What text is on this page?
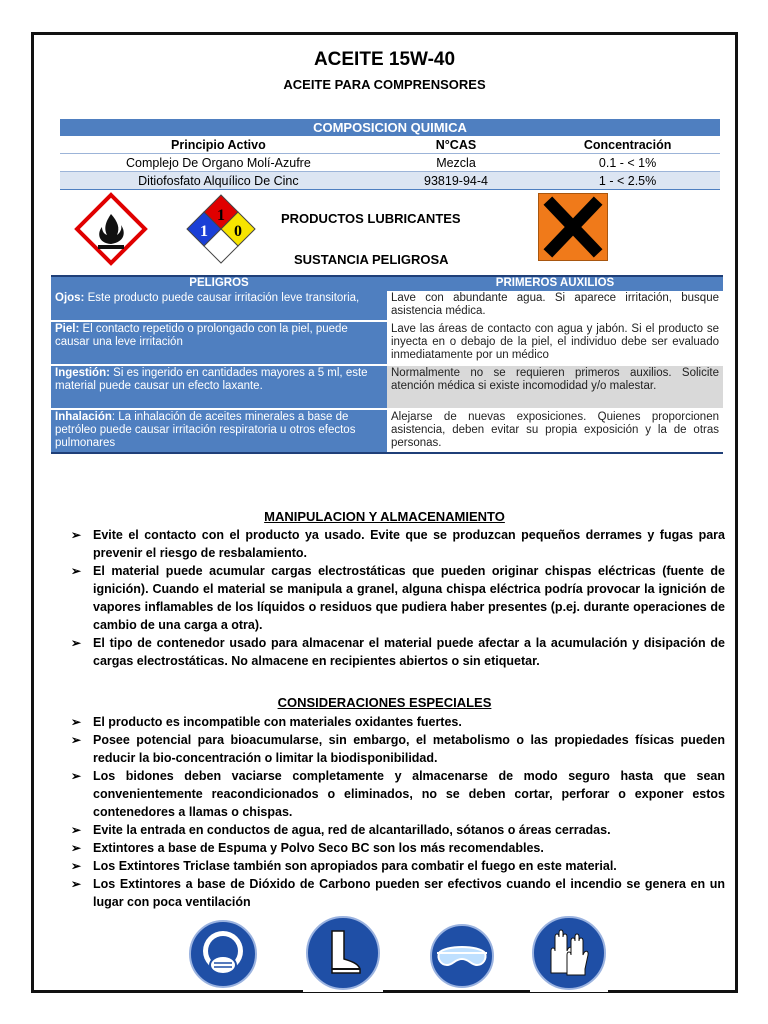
ACEITE 15W-40
ACEITE PARA COMPRENSORES
COMPOSICION QUIMICA		
Principio Activo	N°CAS	Concentración
Complejo De Organo Molí-Azufre	Mezcla	0.1 - < 1%
Ditiofosfato Alquílico De Cinc	93819-94-4	1 - < 2.5%
1
1 0
PRODUCTOS LUBRICANTES
SUSTANCIA PELIGROSA
PELIGROS	PRIMEROS AUXILIOS
Ojos: Este producto puede causar irritación leve transitoria,	Lave con abundante agua. Si aparece irritación, busque asistencia médica.
Piel: El contacto repetido o prolongado con la piel, puede causar una leve irritación	Lave las áreas de contacto con agua y jabón. Si el producto se inyecta en o debajo de la piel, el individuo debe ser evaluado inmediatamente por un médico
Ingestión: Si es ingerido en cantidades mayores a 5 ml, este material puede causar un efecto laxante.	Normalmente no se requieren primeros auxilios. Solicite atención médica si existe incomodidad y/o malestar.
Inhalación: La inhalación de aceites minerales a base de petróleo puede causar irritación respiratoria u otros efectos pulmonares	Alejarse de nuevas exposiciones. Quienes proporcionen asistencia, deben evitar su propia exposición y la de otras personas.
MANIPULACION Y ALMACENAMIENTO
➢ Evite el contacto con el producto ya usado. Evite que se produzcan pequeños derrames y fugas para prevenir el riesgo de resbalamiento.
➢ El material puede acumular cargas electrostáticas que pueden originar chispas eléctricas (fuente de ignición). Cuando el material se manipula a granel, alguna chispa eléctrica podría provocar la ignición de vapores inflamables de los líquidos o residuos que pudiera haber presentes (p.ej. durante operaciones de cambio de una carga a otra).
➢ El tipo de contenedor usado para almacenar el material puede afectar a la acumulación y disipación de cargas electrostáticas. No almacene en recipientes abiertos o sin etiquetar.
CONSIDERACIONES ESPECIALES
➢ El producto es incompatible con materiales oxidantes fuertes.
➢ Posee potencial para bioacumularse, sin embargo, el metabolismo o las propiedades físicas pueden reducir la bio-concentración o limitar la biodisponibilidad.
➢ Los bidones deben vaciarse completamente y almacenarse de modo seguro hasta que sean convenientemente reacondicionados o eliminados, no se deben cortar, perforar o exponer estos contenedores a llamas o chispas.
➢ Evite la entrada en conductos de agua, red de alcantarillado, sótanos o áreas cerradas.
➢ Extintores a base de Espuma y Polvo Seco BC son los más recomendables.
➢ Los Extintores Triclase también son apropiados para combatir el fuego en este material.
➢ Los Extintores a base de Dióxido de Carbono pueden ser efectivos cuando el incendio se genera en un lugar con poca ventilación
